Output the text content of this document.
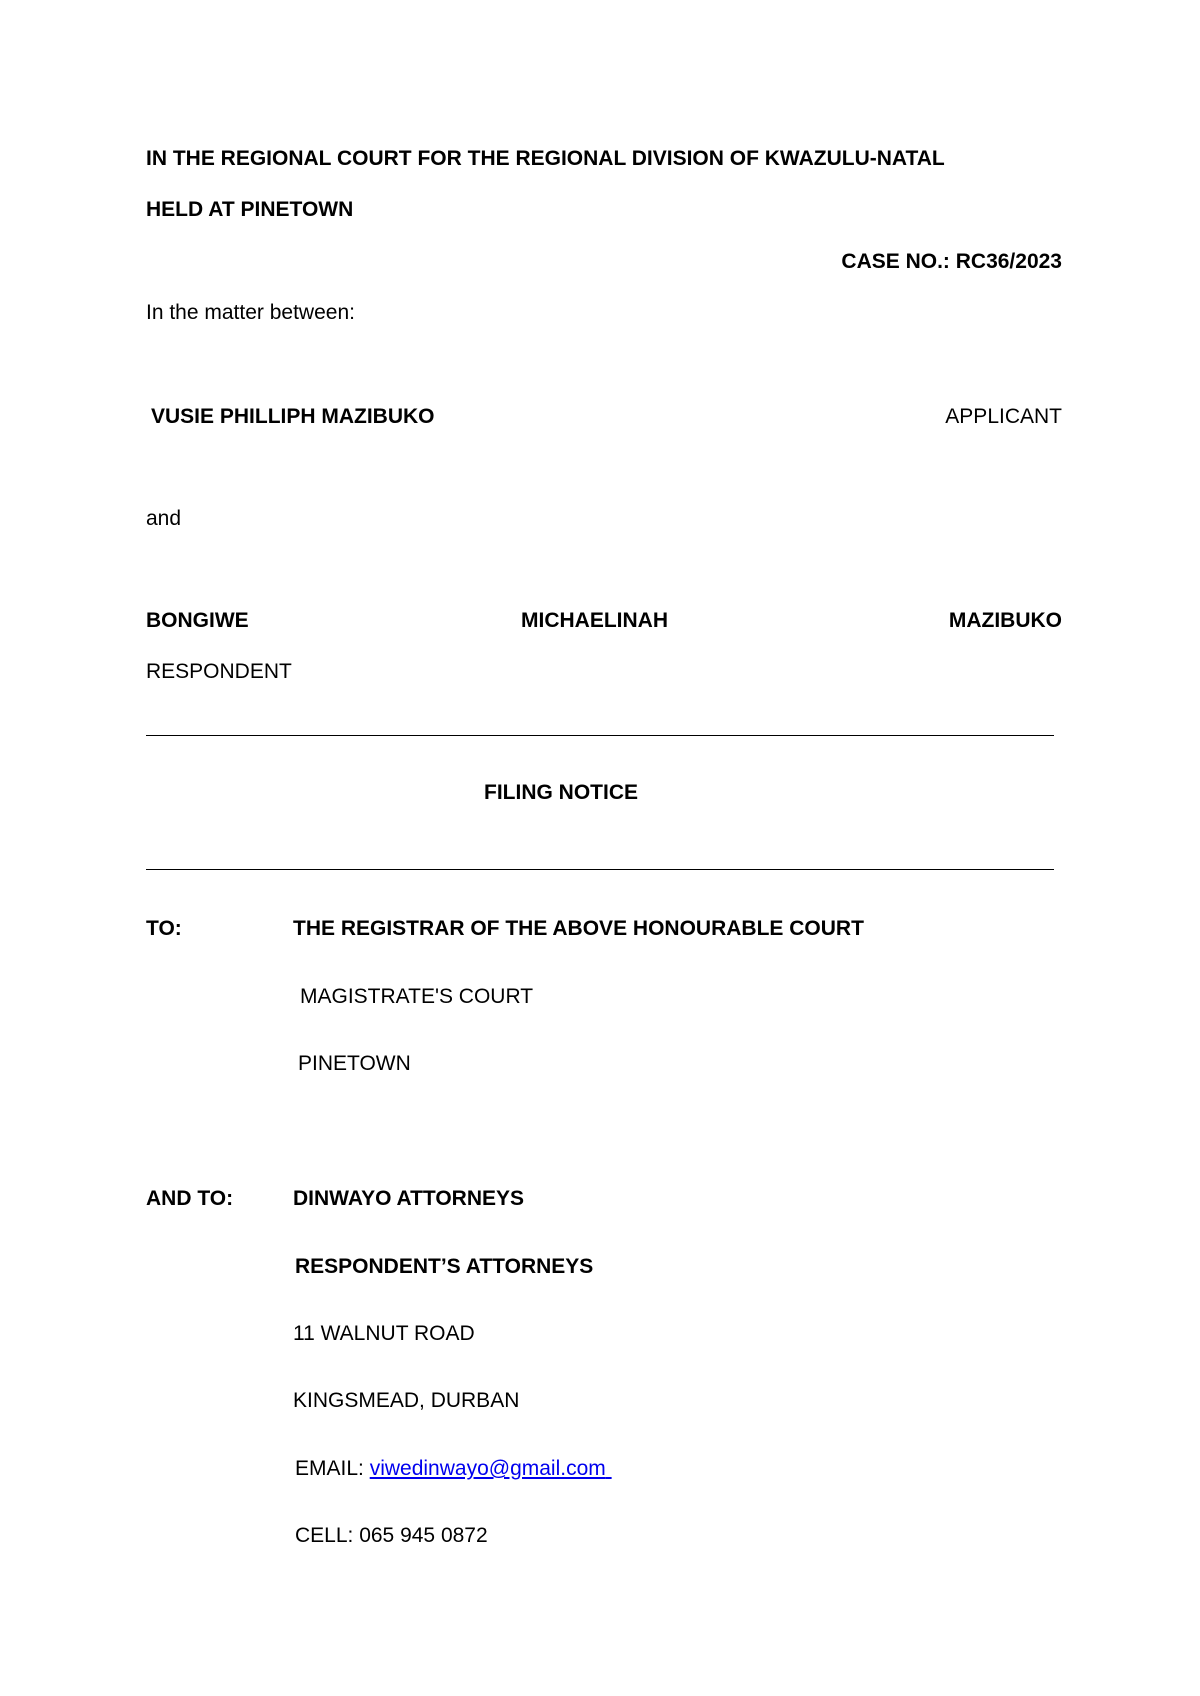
IN THE REGIONAL COURT FOR THE REGIONAL DIVISION OF KWAZULU-NATAL
HELD AT PINETOWN
CASE NO.: RC36/2023
In the matter between:
VUSIE PHILLIPH MAZIBUKO	APPLICANT
and
BONGIWE	MICHAELINAH	MAZIBUKO
RESPONDENT
FILING NOTICE
TO:	THE REGISTRAR OF THE ABOVE HONOURABLE COURT
MAGISTRATE'S COURT
PINETOWN
AND TO:	DINWAYO ATTORNEYS
RESPONDENT’S ATTORNEYS
11 WALNUT ROAD
KINGSMEAD, DURBAN
EMAIL: viwedinwayo@gmail.com
CELL: 065 945 0872
